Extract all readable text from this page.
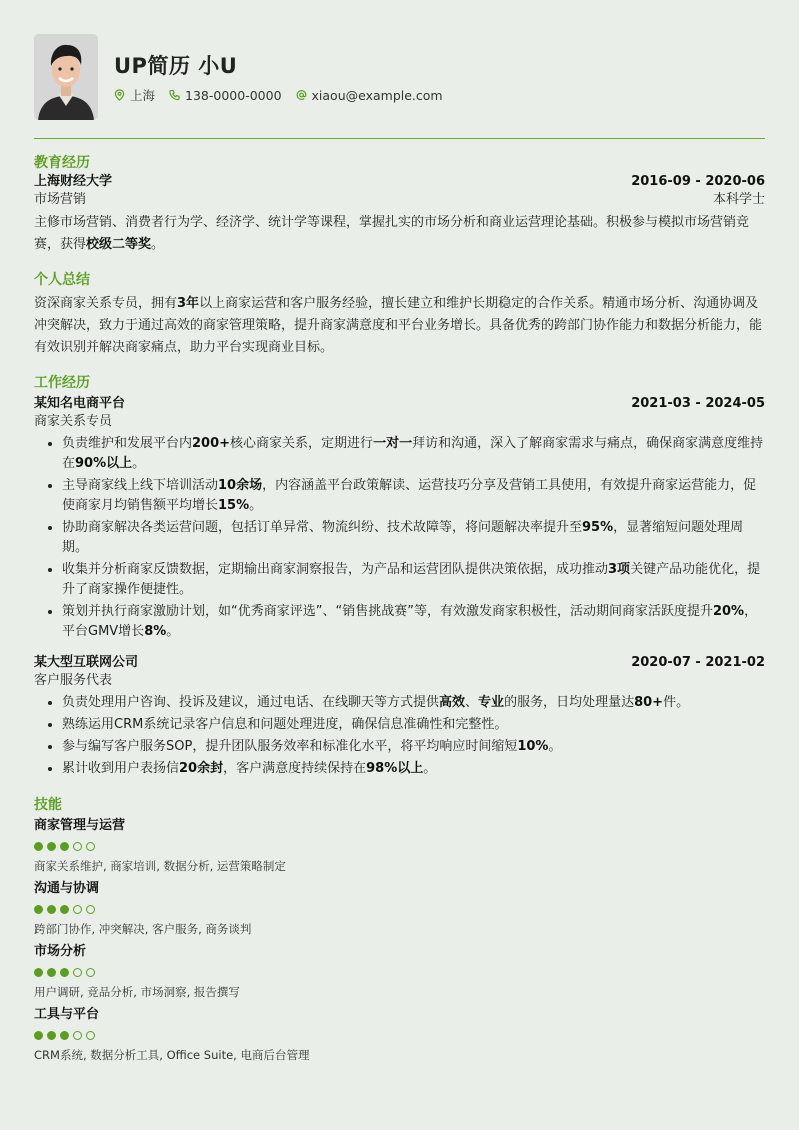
UP简历 小U
上海 138-0000-0000 xiaou@example.com
教育经历
上海财经大学	2016-09 - 2020-06
市场营销	本科学士
主修市场营销、消费者行为学、经济学、统计学等课程，掌握扎实的市场分析和商业运营理论基础。积极参与模拟市场营销竞赛，获得校级二等奖。
个人总结
资深商家关系专员，拥有3年以上商家运营和客户服务经验，擅长建立和维护长期稳定的合作关系。精通市场分析、沟通协调及冲突解决，致力于通过高效的商家管理策略，提升商家满意度和平台业务增长。具备优秀的跨部门协作能力和数据分析能力，能有效识别并解决商家痛点，助力平台实现商业目标。
工作经历
某知名电商平台	2021-03 - 2024-05
商家关系专员
• 负责维护和发展平台内200+核心商家关系，定期进行一对一拜访和沟通，深入了解商家需求与痛点，确保商家满意度维持在90%以上。
• 主导商家线上线下培训活动10余场，内容涵盖平台政策解读、运营技巧分享及营销工具使用，有效提升商家运营能力，促使商家月均销售额平均增长15%。
• 协助商家解决各类运营问题，包括订单异常、物流纠纷、技术故障等，将问题解决率提升至95%，显著缩短问题处理周期。
• 收集并分析商家反馈数据，定期输出商家洞察报告，为产品和运营团队提供决策依据，成功推动3项关键产品功能优化，提升了商家操作便捷性。
• 策划并执行商家激励计划，如“优秀商家评选”、“销售挑战赛”等，有效激发商家积极性，活动期间商家活跃度提升20%，平台GMV增长8%。
某大型互联网公司	2020-07 - 2021-02
客户服务代表
• 负责处理用户咨询、投诉及建议，通过电话、在线聊天等方式提供高效、专业的服务，日均处理量达80+件。
• 熟练运用CRM系统记录客户信息和问题处理进度，确保信息准确性和完整性。
• 参与编写客户服务SOP，提升团队服务效率和标准化水平，将平均响应时间缩短10%。
• 累计收到用户表扬信20余封，客户满意度持续保持在98%以上。
技能
商家管理与运营
商家关系维护, 商家培训, 数据分析, 运营策略制定
沟通与协调
跨部门协作, 冲突解决, 客户服务, 商务谈判
市场分析
用户调研, 竞品分析, 市场洞察, 报告撰写
工具与平台
CRM系统, 数据分析工具, Office Suite, 电商后台管理
